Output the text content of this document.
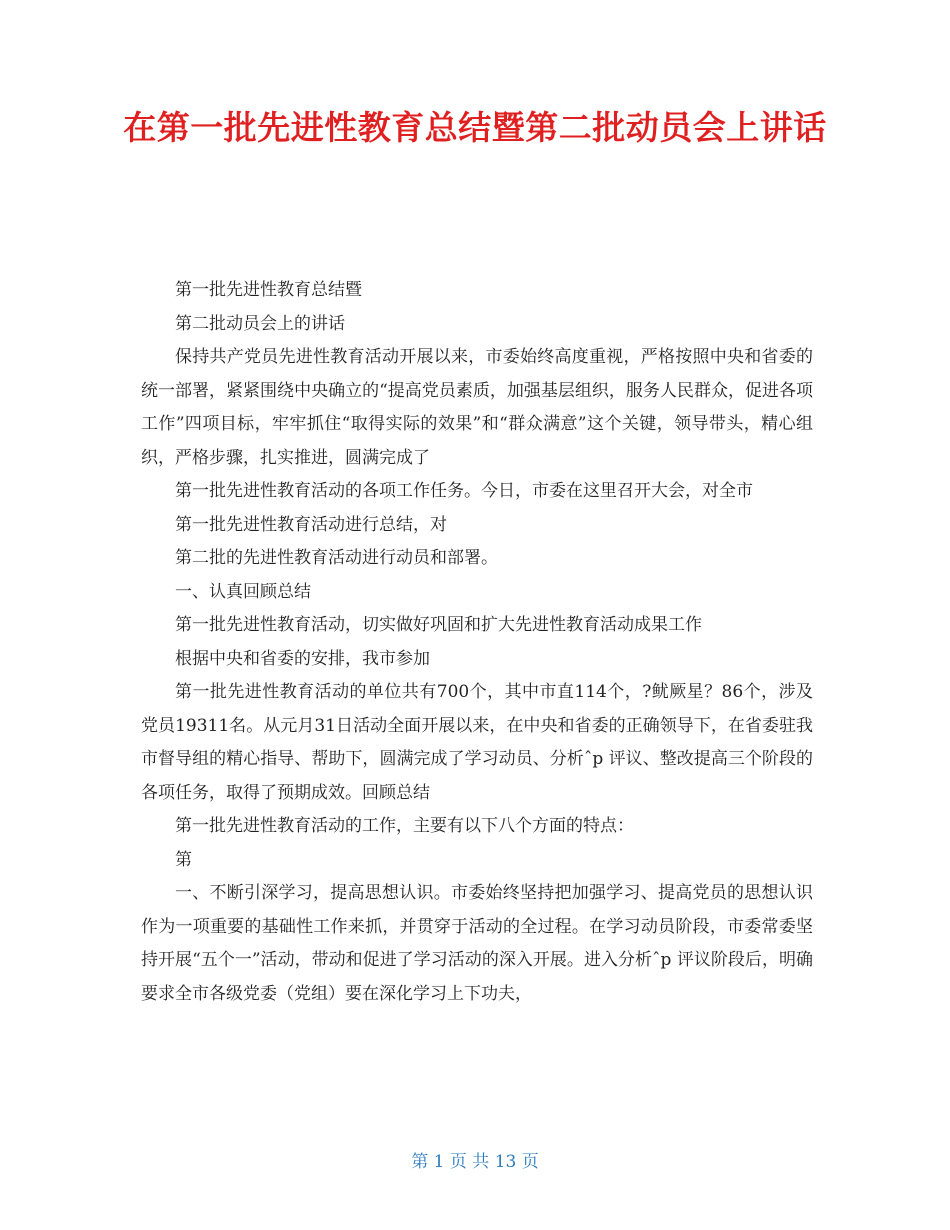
在第一批先进性教育总结暨第二批动员会上讲话

第一批先进性教育总结暨

第二批动员会上的讲话

保持共产党员先进性教育活动开展以来，市委始终高度重视，严格按照中央和省委的统一部署，紧紧围绕中央确立的“提高党员素质，加强基层组织，服务人民群众，促进各项工作”四项目标，牢牢抓住“取得实际的效果”和“群众满意”这个关键，领导带头，精心组织，严格步骤，扎实推进，圆满完成了

第一批先进性教育活动的各项工作任务。今日，市委在这里召开大会，对全市

第一批先进性教育活动进行总结，对

第二批的先进性教育活动进行动员和部署。

一、认真回顾总结

第一批先进性教育活动，切实做好巩固和扩大先进性教育活动成果工作

根据中央和省委的安排，我市参加

第一批先进性教育活动的单位共有700个，其中市直114个，?鱿厥星？86个，涉及党员19311名。从元月31日活动全面开展以来，在中央和省委的正确领导下，在省委驻我市督导组的精心指导、帮助下，圆满完成了学习动员、分析ˆp 评议、整改提高三个阶段的各项任务，取得了预期成效。回顾总结

第一批先进性教育活动的工作，主要有以下八个方面的特点：

第

一、不断引深学习，提高思想认识。市委始终坚持把加强学习、提高党员的思想认识作为一项重要的基础性工作来抓，并贯穿于活动的全过程。在学习动员阶段，市委常委坚持开展“五个一”活动，带动和促进了学习活动的深入开展。进入分析ˆp 评议阶段后，明确要求全市各级党委（党组）要在深化学习上下功夫，

第 1 页 共 13 页
